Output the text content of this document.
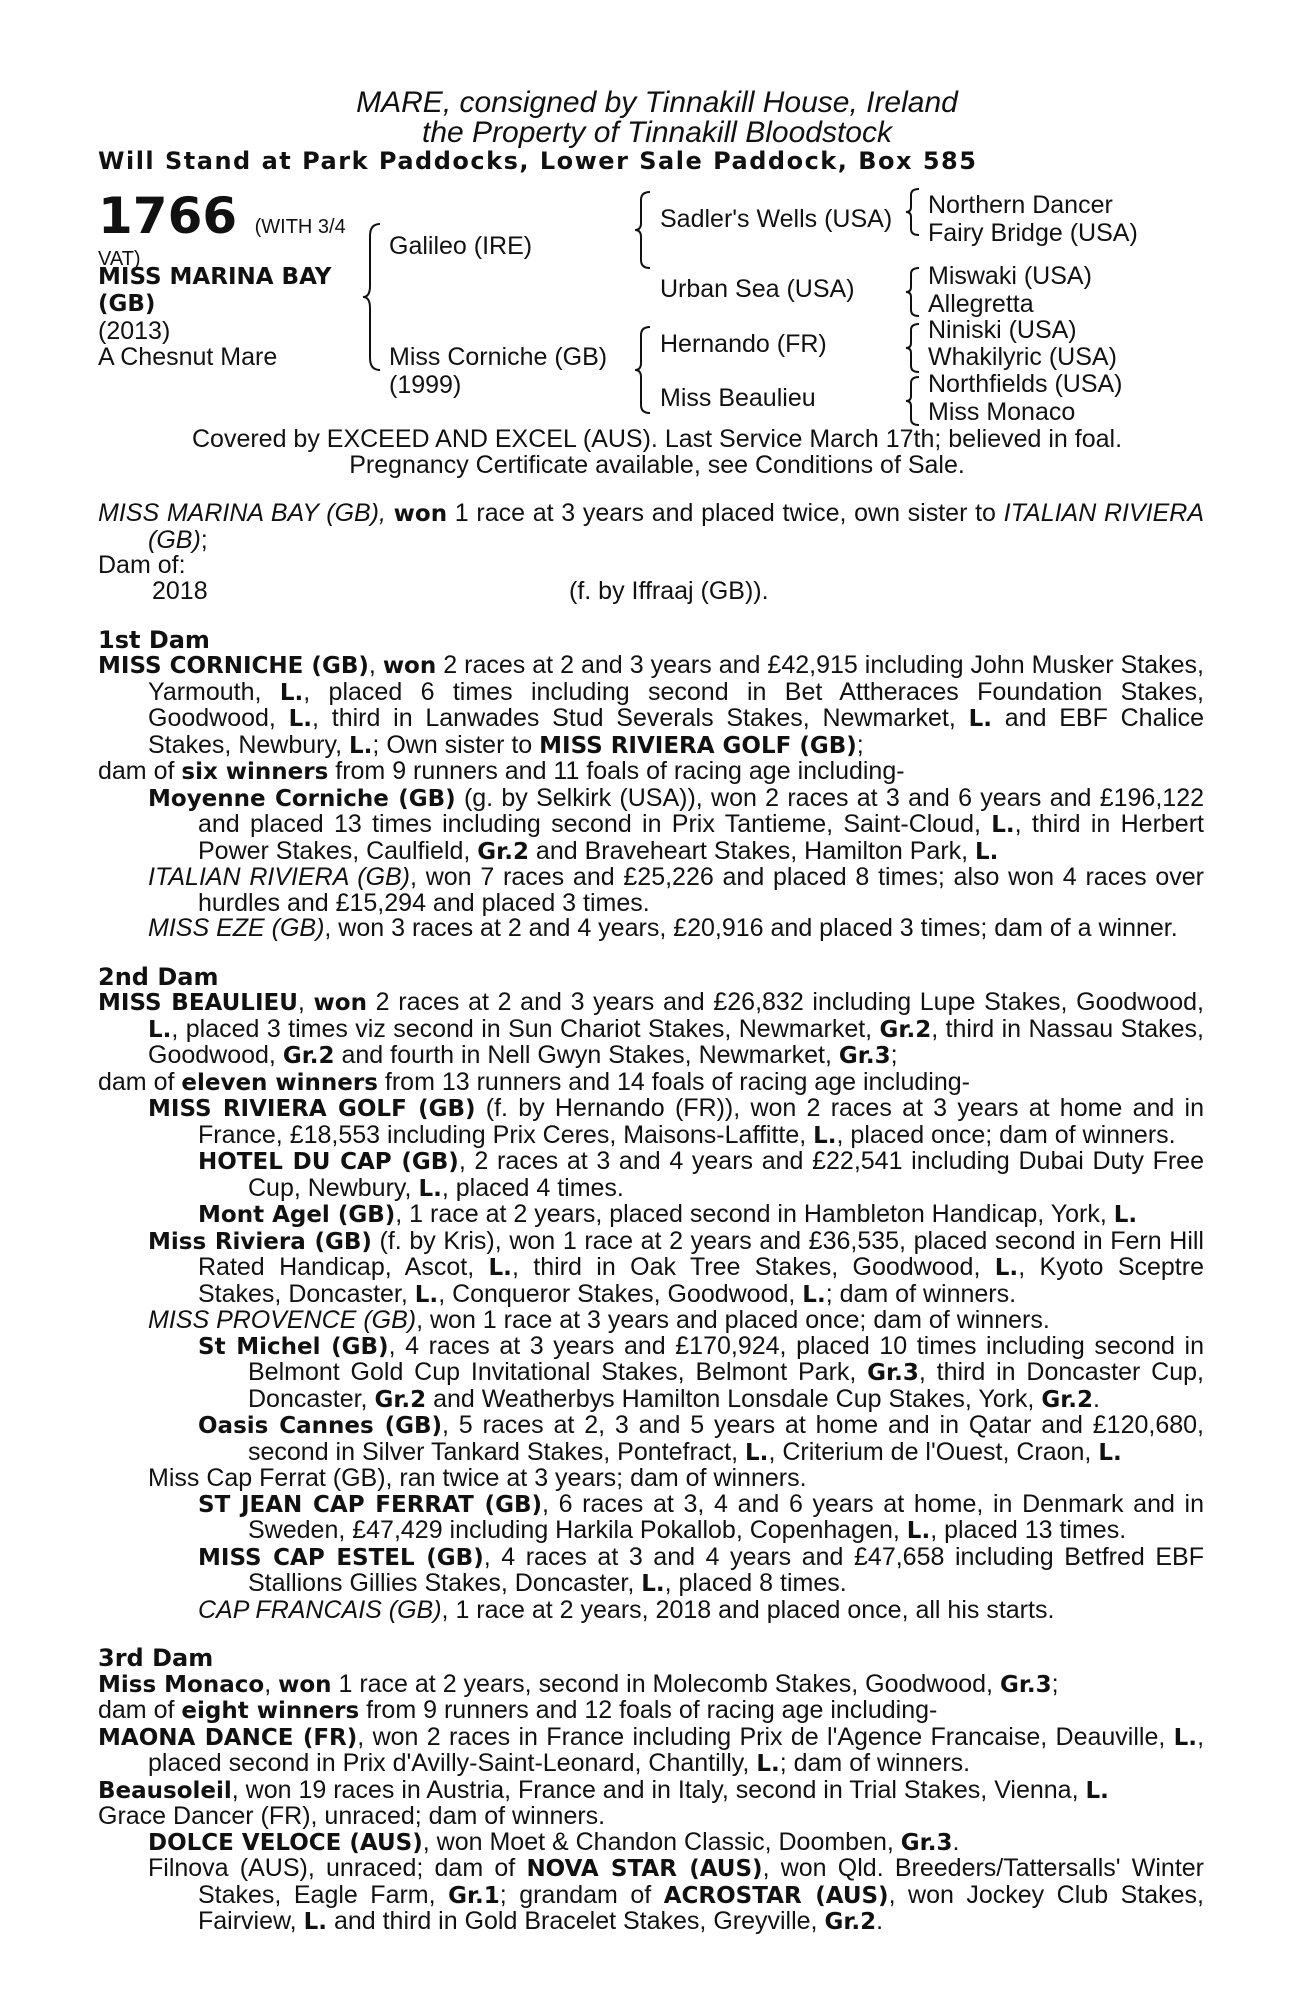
MARE, consigned by Tinnakill House, Ireland
the Property of Tinnakill Bloodstock
Will Stand at Park Paddocks, Lower Sale Paddock, Box 585
1766 (WITH 3/4
VAT)
MISS MARINA BAY
(GB)
(2013)
A Chesnut Mare
Galileo (IRE)
Miss Corniche (GB)
(1999)
Sadler's Wells (USA)
Urban Sea (USA)
Hernando (FR)
Miss Beaulieu
Northern Dancer
Fairy Bridge (USA)
Miswaki (USA)
Allegretta
Niniski (USA)
Whakilyric (USA)
Northfields (USA)
Miss Monaco
Covered by EXCEED AND EXCEL (AUS). Last Service March 17th; believed in foal.
Pregnancy Certificate available, see Conditions of Sale.

MISS MARINA BAY (GB), won 1 race at 3 years and placed twice, own sister to ITALIAN RIVIERA (GB);

Dam of:

2018	(f. by Iffraaj (GB)).

1st Dam

MISS CORNICHE (GB), won 2 races at 2 and 3 years and £42,915 including John Musker Stakes, Yarmouth, L., placed 6 times including second in Bet Attheraces Foundation Stakes, Goodwood, L., third in Lanwades Stud Severals Stakes, Newmarket, L. and EBF Chalice Stakes, Newbury, L.; Own sister to MISS RIVIERA GOLF (GB);

dam of six winners from 9 runners and 11 foals of racing age including-

Moyenne Corniche (GB) (g. by Selkirk (USA)), won 2 races at 3 and 6 years and £196,122 and placed 13 times including second in Prix Tantieme, Saint-Cloud, L., third in Herbert Power Stakes, Caulfield, Gr.2 and Braveheart Stakes, Hamilton Park, L.

ITALIAN RIVIERA (GB), won 7 races and £25,226 and placed 8 times; also won 4 races over hurdles and £15,294 and placed 3 times.

MISS EZE (GB), won 3 races at 2 and 4 years, £20,916 and placed 3 times; dam of a winner.

2nd Dam

MISS BEAULIEU, won 2 races at 2 and 3 years and £26,832 including Lupe Stakes, Goodwood, L., placed 3 times viz second in Sun Chariot Stakes, Newmarket, Gr.2, third in Nassau Stakes, Goodwood, Gr.2 and fourth in Nell Gwyn Stakes, Newmarket, Gr.3;

dam of eleven winners from 13 runners and 14 foals of racing age including-

MISS RIVIERA GOLF (GB) (f. by Hernando (FR)), won 2 races at 3 years at home and in France, £18,553 including Prix Ceres, Maisons-Laffitte, L., placed once; dam of winners.

HOTEL DU CAP (GB), 2 races at 3 and 4 years and £22,541 including Dubai Duty Free Cup, Newbury, L., placed 4 times.

Mont Agel (GB), 1 race at 2 years, placed second in Hambleton Handicap, York, L.

Miss Riviera (GB) (f. by Kris), won 1 race at 2 years and £36,535, placed second in Fern Hill Rated Handicap, Ascot, L., third in Oak Tree Stakes, Goodwood, L., Kyoto Sceptre Stakes, Doncaster, L., Conqueror Stakes, Goodwood, L.; dam of winners.

MISS PROVENCE (GB), won 1 race at 3 years and placed once; dam of winners.

St Michel (GB), 4 races at 3 years and £170,924, placed 10 times including second in Belmont Gold Cup Invitational Stakes, Belmont Park, Gr.3, third in Doncaster Cup, Doncaster, Gr.2 and Weatherbys Hamilton Lonsdale Cup Stakes, York, Gr.2.

Oasis Cannes (GB), 5 races at 2, 3 and 5 years at home and in Qatar and £120,680, second in Silver Tankard Stakes, Pontefract, L., Criterium de l'Ouest, Craon, L.

Miss Cap Ferrat (GB), ran twice at 3 years; dam of winners.

ST JEAN CAP FERRAT (GB), 6 races at 3, 4 and 6 years at home, in Denmark and in Sweden, £47,429 including Harkila Pokallob, Copenhagen, L., placed 13 times.

MISS CAP ESTEL (GB), 4 races at 3 and 4 years and £47,658 including Betfred EBF Stallions Gillies Stakes, Doncaster, L., placed 8 times.

CAP FRANCAIS (GB), 1 race at 2 years, 2018 and placed once, all his starts.

3rd Dam

Miss Monaco, won 1 race at 2 years, second in Molecomb Stakes, Goodwood, Gr.3;

dam of eight winners from 9 runners and 12 foals of racing age including-

MAONA DANCE (FR), won 2 races in France including Prix de l'Agence Francaise, Deauville, L., placed second in Prix d'Avilly-Saint-Leonard, Chantilly, L.; dam of winners.

Beausoleil, won 19 races in Austria, France and in Italy, second in Trial Stakes, Vienna, L.

Grace Dancer (FR), unraced; dam of winners.

DOLCE VELOCE (AUS), won Moet & Chandon Classic, Doomben, Gr.3.

Filnova (AUS), unraced; dam of NOVA STAR (AUS), won Qld. Breeders/Tattersalls' Winter Stakes, Eagle Farm, Gr.1; grandam of ACROSTAR (AUS), won Jockey Club Stakes, Fairview, L. and third in Gold Bracelet Stakes, Greyville, Gr.2.
